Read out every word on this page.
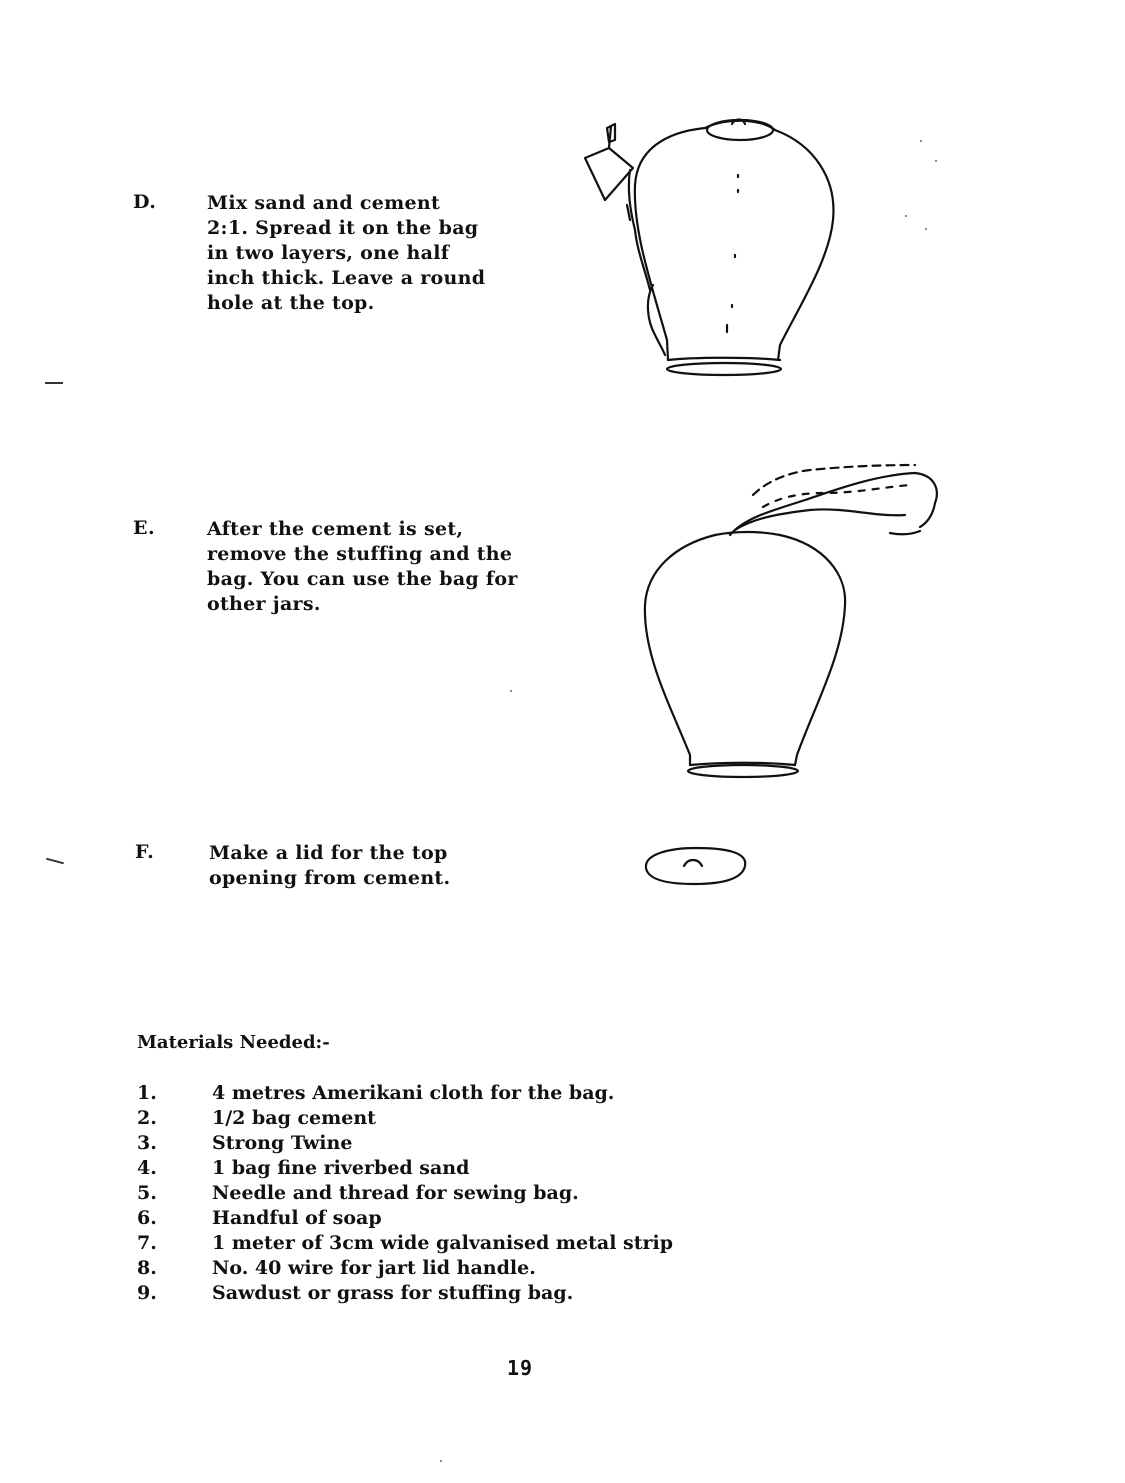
D.	Mix sand and cement
2:1. Spread it on the bag
in two layers, one half
inch thick. Leave a round
hole at the top.
E.	After the cement is set,
remove the stuffing and the
bag. You can use the bag for
other jars.
F.	Make a lid for the top
opening from cement.
Materials Needed:-
1.	4 metres Amerikani cloth for the bag.
2.	1/2 bag cement
3.	Strong Twine
4.	1 bag fine riverbed sand
5.	Needle and thread for sewing bag.
6.	Handful of soap
7.	1 meter of 3cm wide galvanised metal strip
8.	No. 40 wire for jart lid handle.
9.	Sawdust or grass for stuffing bag.
19
